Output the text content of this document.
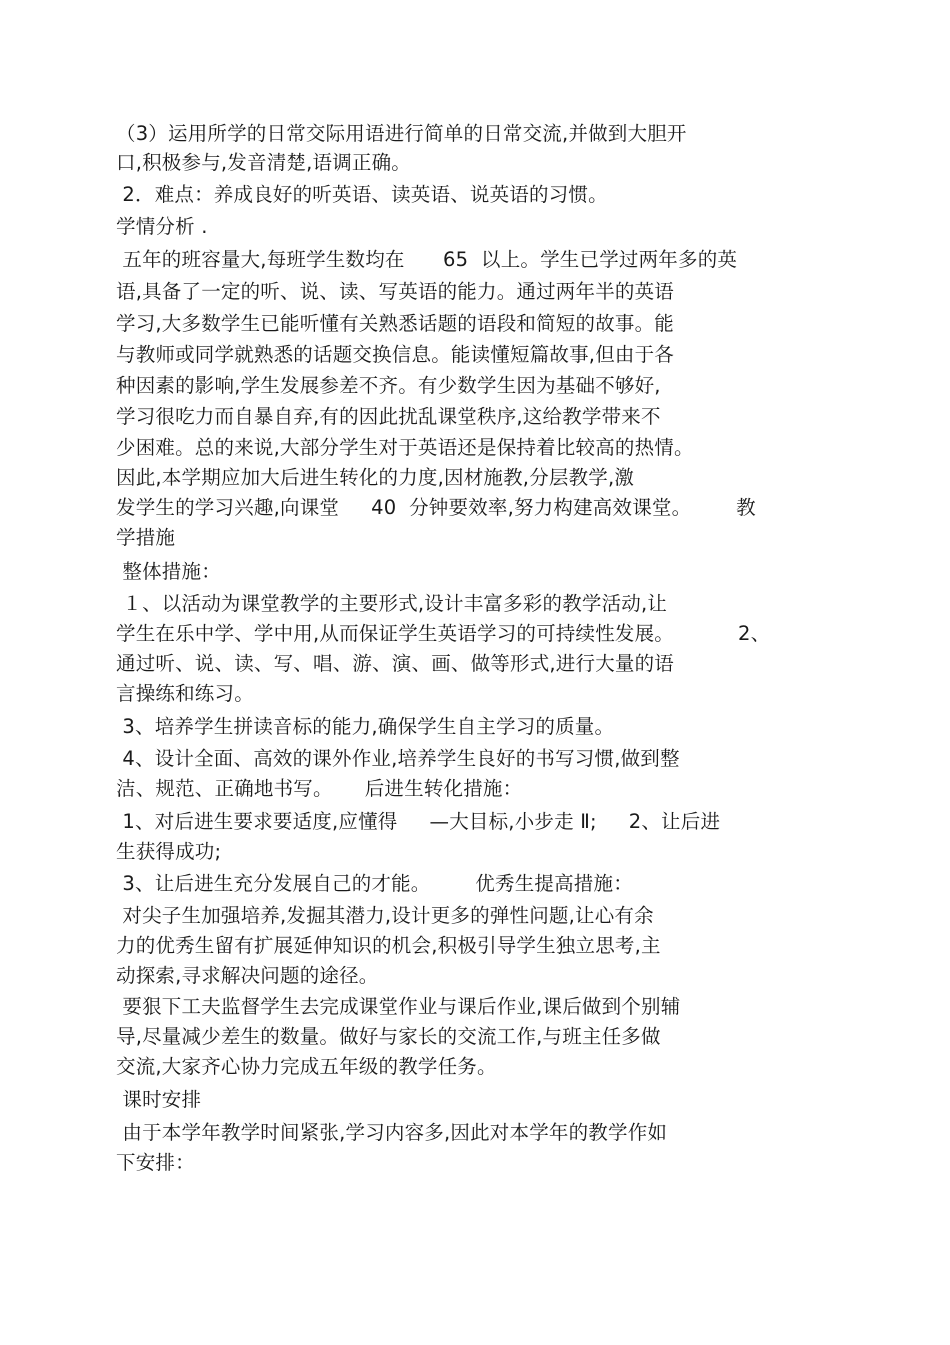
（3）运用所学的日常交际用语进行简单的日常交流,并做到大胆开
口,积极参与,发音清楚,语调正确。
2．难点：养成良好的听英语、读英语、说英语的习惯。
学情分析 .
五年的班容量大,每班学生数均在      65  以上。学生已学过两年多的英
语,具备了一定的听、说、读、写英语的能力。通过两年半的英语
学习,大多数学生已能听懂有关熟悉话题的语段和简短的故事。能
与教师或同学就熟悉的话题交换信息。能读懂短篇故事,但由于各
种因素的影响,学生发展参差不齐。有少数学生因为基础不够好,
学习很吃力而自暴自弃,有的因此扰乱课堂秩序,这给教学带来不
少困难。总的来说,大部分学生对于英语还是保持着比较高的热情。
因此,本学期应加大后进生转化的力度,因材施教,分层教学,激
发学生的学习兴趣,向课堂     40  分钟要效率,努力构建高效课堂。       教
学措施
整体措施：
１、以活动为课堂教学的主要形式,设计丰富多彩的教学活动,让
学生在乐中学、学中用,从而保证学生英语学习的可持续性发展。          2、
通过听、说、读、写、唱、游、演、画、做等形式,进行大量的语
言操练和练习。
3、培养学生拼读音标的能力,确保学生自主学习的质量。
4、设计全面、高效的课外作业,培养学生良好的书写习惯,做到整
洁、规范、正确地书写。     后进生转化措施：
1、对后进生要求要适度,应懂得     —大目标,小步走 Ⅱ;     2、让后进
生获得成功;
3、让后进生充分发展自己的才能。       优秀生提高措施：
对尖子生加强培养,发掘其潜力,设计更多的弹性问题,让心有余
力的优秀生留有扩展延伸知识的机会,积极引导学生独立思考,主
动探索,寻求解决问题的途径。
要狠下工夫监督学生去完成课堂作业与课后作业,课后做到个别辅
导,尽量减少差生的数量。做好与家长的交流工作,与班主任多做
交流,大家齐心协力完成五年级的教学任务。
课时安排
由于本学年教学时间紧张,学习内容多,因此对本学年的教学作如
下安排：
